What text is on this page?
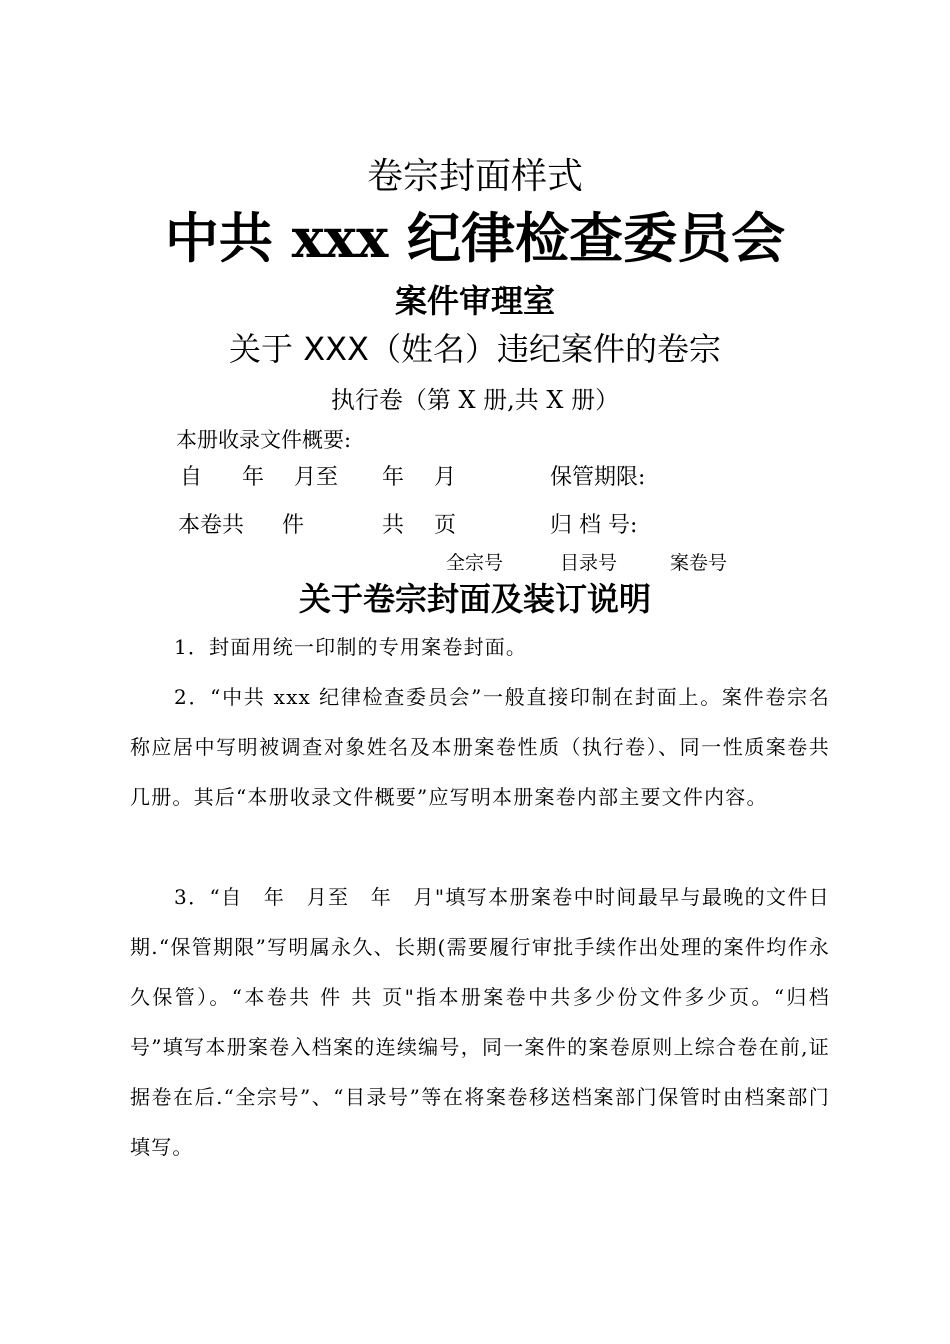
卷宗封面样式
中共 xxx 纪律检查委员会
案件审理室
关于 XXX（姓名）违纪案件的卷宗
执行卷（第 X 册,共 X 册）
本册收录文件概要:
自 年 月至 年 月	保管期限:
本卷共 件	共 页	归 档 号:
全宗号	目录号	案卷号
关于卷宗封面及装订说明

1．封面用统一印制的专用案卷封面。

2．“中共 xxx 纪律检查委员会”一般直接印制在封面上。案件卷宗名称应居中写明被调查对象姓名及本册案卷性质（执行卷）、同一性质案卷共几册。其后“本册收录文件概要”应写明本册案卷内部主要文件内容。

3．“自　年　月至　年　月"填写本册案卷中时间最早与最晚的文件日期.“保管期限”写明属永久、长期(需要履行审批手续作出处理的案件均作永久保管）。“本卷共 件 共 页"指本册案卷中共多少份文件多少页。“归档号”填写本册案卷入档案的连续编号，同一案件的案卷原则上综合卷在前,证据卷在后.“全宗号”、“目录号”等在将案卷移送档案部门保管时由档案部门填写。
